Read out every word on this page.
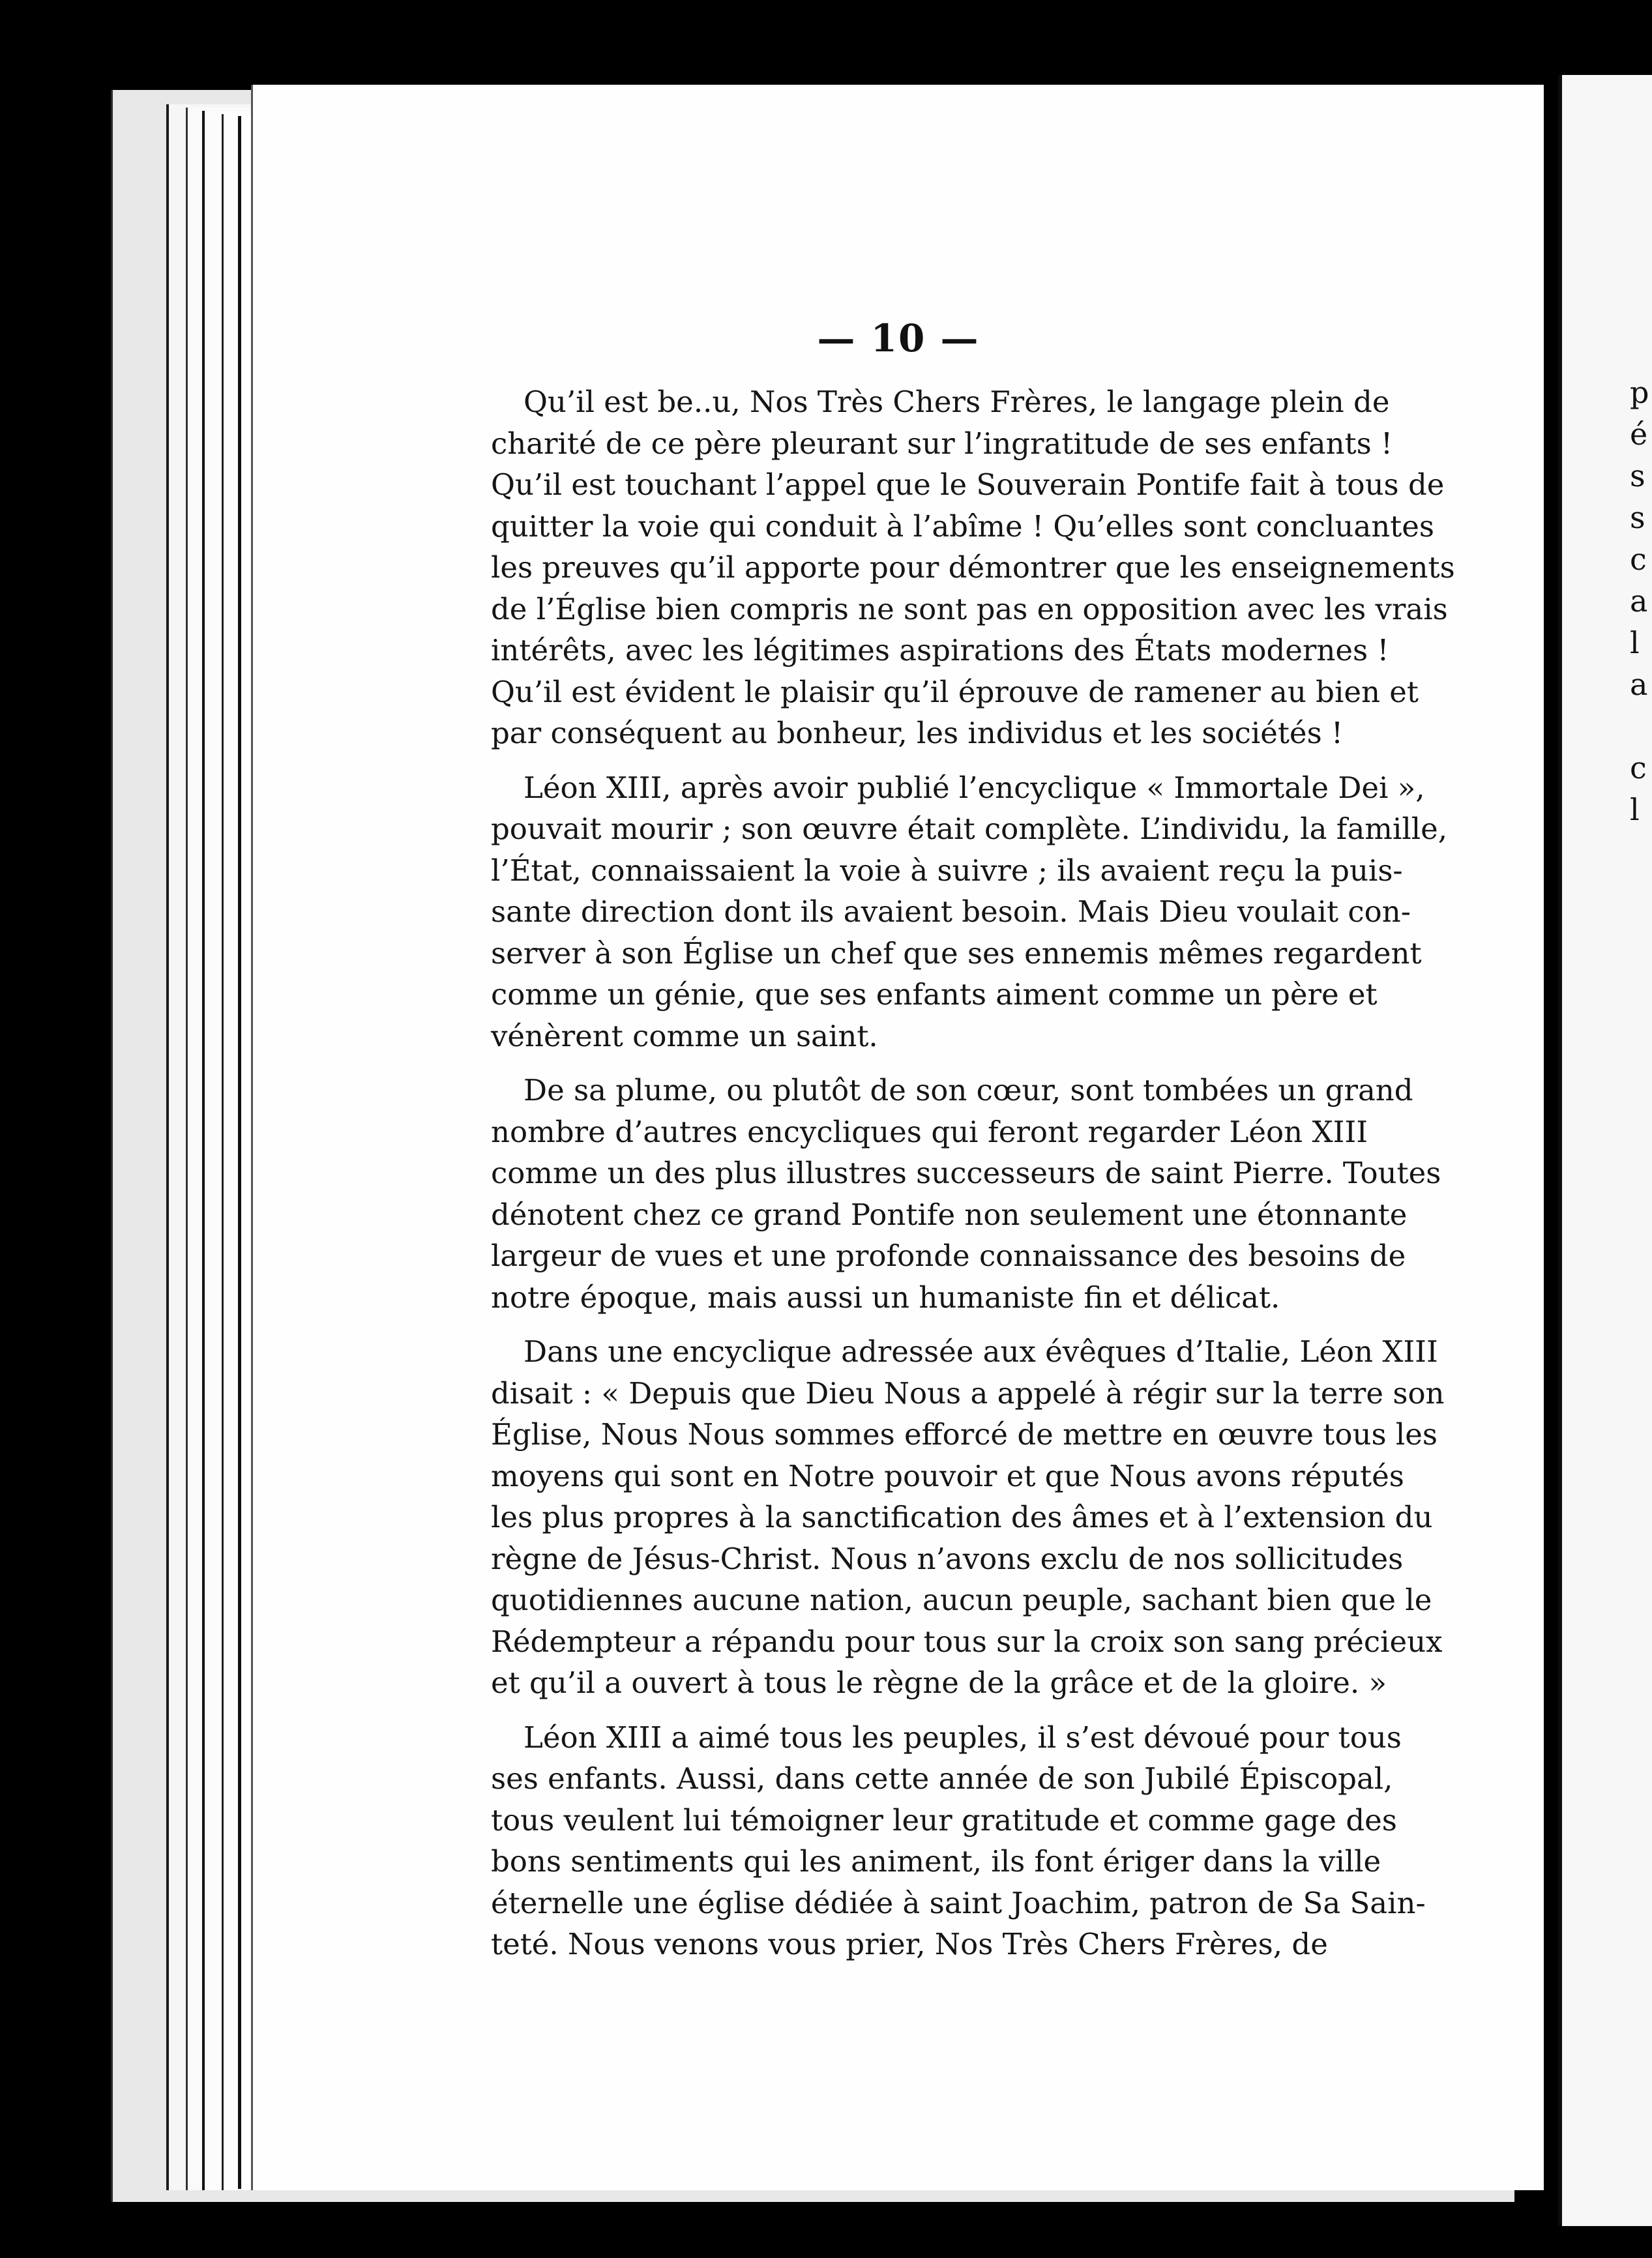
p
é
s
s
c
a
l
a

c
l

— 10 —

Qu’il est be..u, Nos Très Chers Frères, le langage plein de
charité de ce père pleurant sur l’ingratitude de ses enfants !
Qu’il est touchant l’appel que le Souverain Pontife fait à tous de
quitter la voie qui conduit à l’abîme ! Qu’elles sont concluantes
les preuves qu’il apporte pour démontrer que les enseignements
de l’Église bien compris ne sont pas en opposition avec les vrais
intérêts, avec les légitimes aspirations des États modernes !
Qu’il est évident le plaisir qu’il éprouve de ramener au bien et
par conséquent au bonheur, les individus et les sociétés !

Léon XIII, après avoir publié l’encyclique « Immortale Dei »,
pouvait mourir ; son œuvre était complète. L’individu, la famille,
l’État, connaissaient la voie à suivre ; ils avaient reçu la puis-
sante direction dont ils avaient besoin. Mais Dieu voulait con-
server à son Église un chef que ses ennemis mêmes regardent
comme un génie, que ses enfants aiment comme un père et
vénèrent comme un saint.

De sa plume, ou plutôt de son cœur, sont tombées un grand
nombre d’autres encycliques qui feront regarder Léon XIII
comme un des plus illustres successeurs de saint Pierre. Toutes
dénotent chez ce grand Pontife non seulement une étonnante
largeur de vues et une profonde connaissance des besoins de
notre époque, mais aussi un humaniste fin et délicat.

Dans une encyclique adressée aux évêques d’Italie, Léon XIII
disait : « Depuis que Dieu Nous a appelé à régir sur la terre son
Église, Nous Nous sommes efforcé de mettre en œuvre tous les
moyens qui sont en Notre pouvoir et que Nous avons réputés
les plus propres à la sanctification des âmes et à l’extension du
règne de Jésus-Christ. Nous n’avons exclu de nos sollicitudes
quotidiennes aucune nation, aucun peuple, sachant bien que le
Rédempteur a répandu pour tous sur la croix son sang précieux
et qu’il a ouvert à tous le règne de la grâce et de la gloire. »

Léon XIII a aimé tous les peuples, il s’est dévoué pour tous
ses enfants. Aussi, dans cette année de son Jubilé Épiscopal,
tous veulent lui témoigner leur gratitude et comme gage des
bons sentiments qui les animent, ils font ériger dans la ville
éternelle une église dédiée à saint Joachim, patron de Sa Sain-
teté. Nous venons vous prier, Nos Très Chers Frères, de
